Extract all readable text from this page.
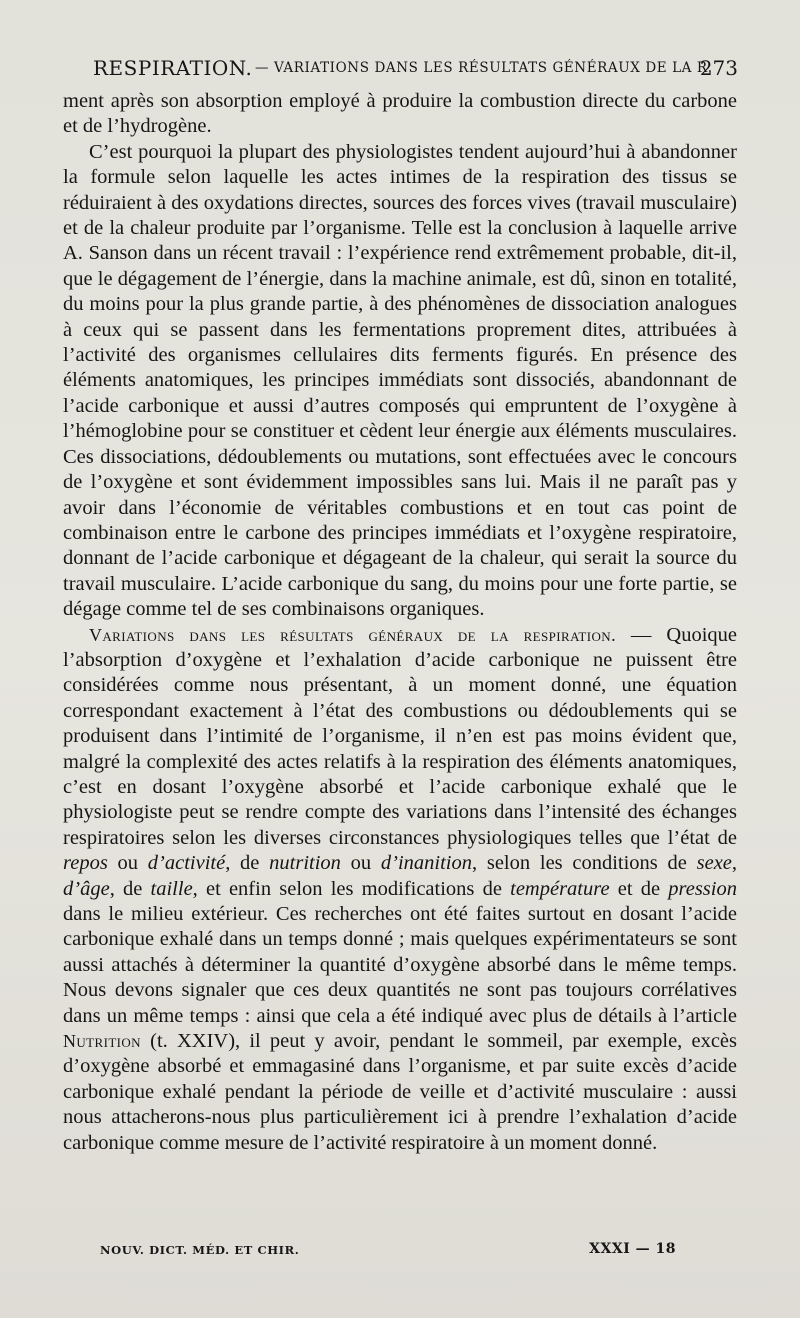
RESPIRATION. — VARIATIONS DANS LES RÉSULTATS GÉNÉRAUX DE LA R.
273

ment après son absorption employé à produire la combustion directe du carbone et de l’hydrogène.

C’est pourquoi la plupart des physiologistes tendent aujourd’hui à abandonner la formule selon laquelle les actes intimes de la respiration des tissus se réduiraient à des oxydations directes, sources des forces vives (travail musculaire) et de la chaleur produite par l’organisme. Telle est la conclusion à laquelle arrive A. Sanson dans un récent travail : l’expérience rend extrêmement probable, dit-il, que le dégagement de l’énergie, dans la machine animale, est dû, sinon en totalité, du moins pour la plus grande partie, à des phénomènes de dissociation analogues à ceux qui se passent dans les fermentations proprement dites, attribuées à l’activité des organismes cellulaires dits ferments figurés. En présence des éléments anatomiques, les principes immédiats sont dissociés, abandonnant de l’acide carbonique et aussi d’autres composés qui empruntent de l’oxygène à l’hémoglobine pour se constituer et cèdent leur énergie aux éléments musculaires. Ces dissociations, dédoublements ou mutations, sont effectuées avec le concours de l’oxygène et sont évidemment impossibles sans lui. Mais il ne paraît pas y avoir dans l’économie de véritables combustions et en tout cas point de combinaison entre le carbone des principes immédiats et l’oxygène respiratoire, donnant de l’acide carbonique et dégageant de la chaleur, qui serait la source du travail musculaire. L’acide carbonique du sang, du moins pour une forte partie, se dégage comme tel de ses combinaisons organiques.

Variations dans les résultats généraux de la respiration. — Quoique l’absorption d’oxygène et l’exhalation d’acide carbonique ne puissent être considérées comme nous présentant, à un moment donné, une équation correspondant exactement à l’état des combustions ou dédoublements qui se produisent dans l’intimité de l’organisme, il n’en est pas moins évident que, malgré la complexité des actes relatifs à la respiration des éléments anatomiques, c’est en dosant l’oxygène absorbé et l’acide carbonique exhalé que le physiologiste peut se rendre compte des variations dans l’intensité des échanges respiratoires selon les diverses circonstances physiologiques telles que l’état de repos ou d’activité, de nutrition ou d’inanition, selon les conditions de sexe, d’âge, de taille, et enfin selon les modifications de température et de pression dans le milieu extérieur. Ces recherches ont été faites surtout en dosant l’acide carbonique exhalé dans un temps donné ; mais quelques expérimentateurs se sont aussi attachés à déterminer la quantité d’oxygène absorbé dans le même temps. Nous devons signaler que ces deux quantités ne sont pas toujours corrélatives dans un même temps : ainsi que cela a été indiqué avec plus de détails à l’article Nutrition (t. XXIV), il peut y avoir, pendant le sommeil, par exemple, excès d’oxygène absorbé et emmagasiné dans l’organisme, et par suite excès d’acide carbonique exhalé pendant la période de veille et d’activité musculaire : aussi nous attacherons-nous plus particulièrement ici à prendre l’exhalation d’acide carbonique comme mesure de l’activité respiratoire à un moment donné.

NOUV. DICT. MÉD. ET CHIR.	XXXI — 18
